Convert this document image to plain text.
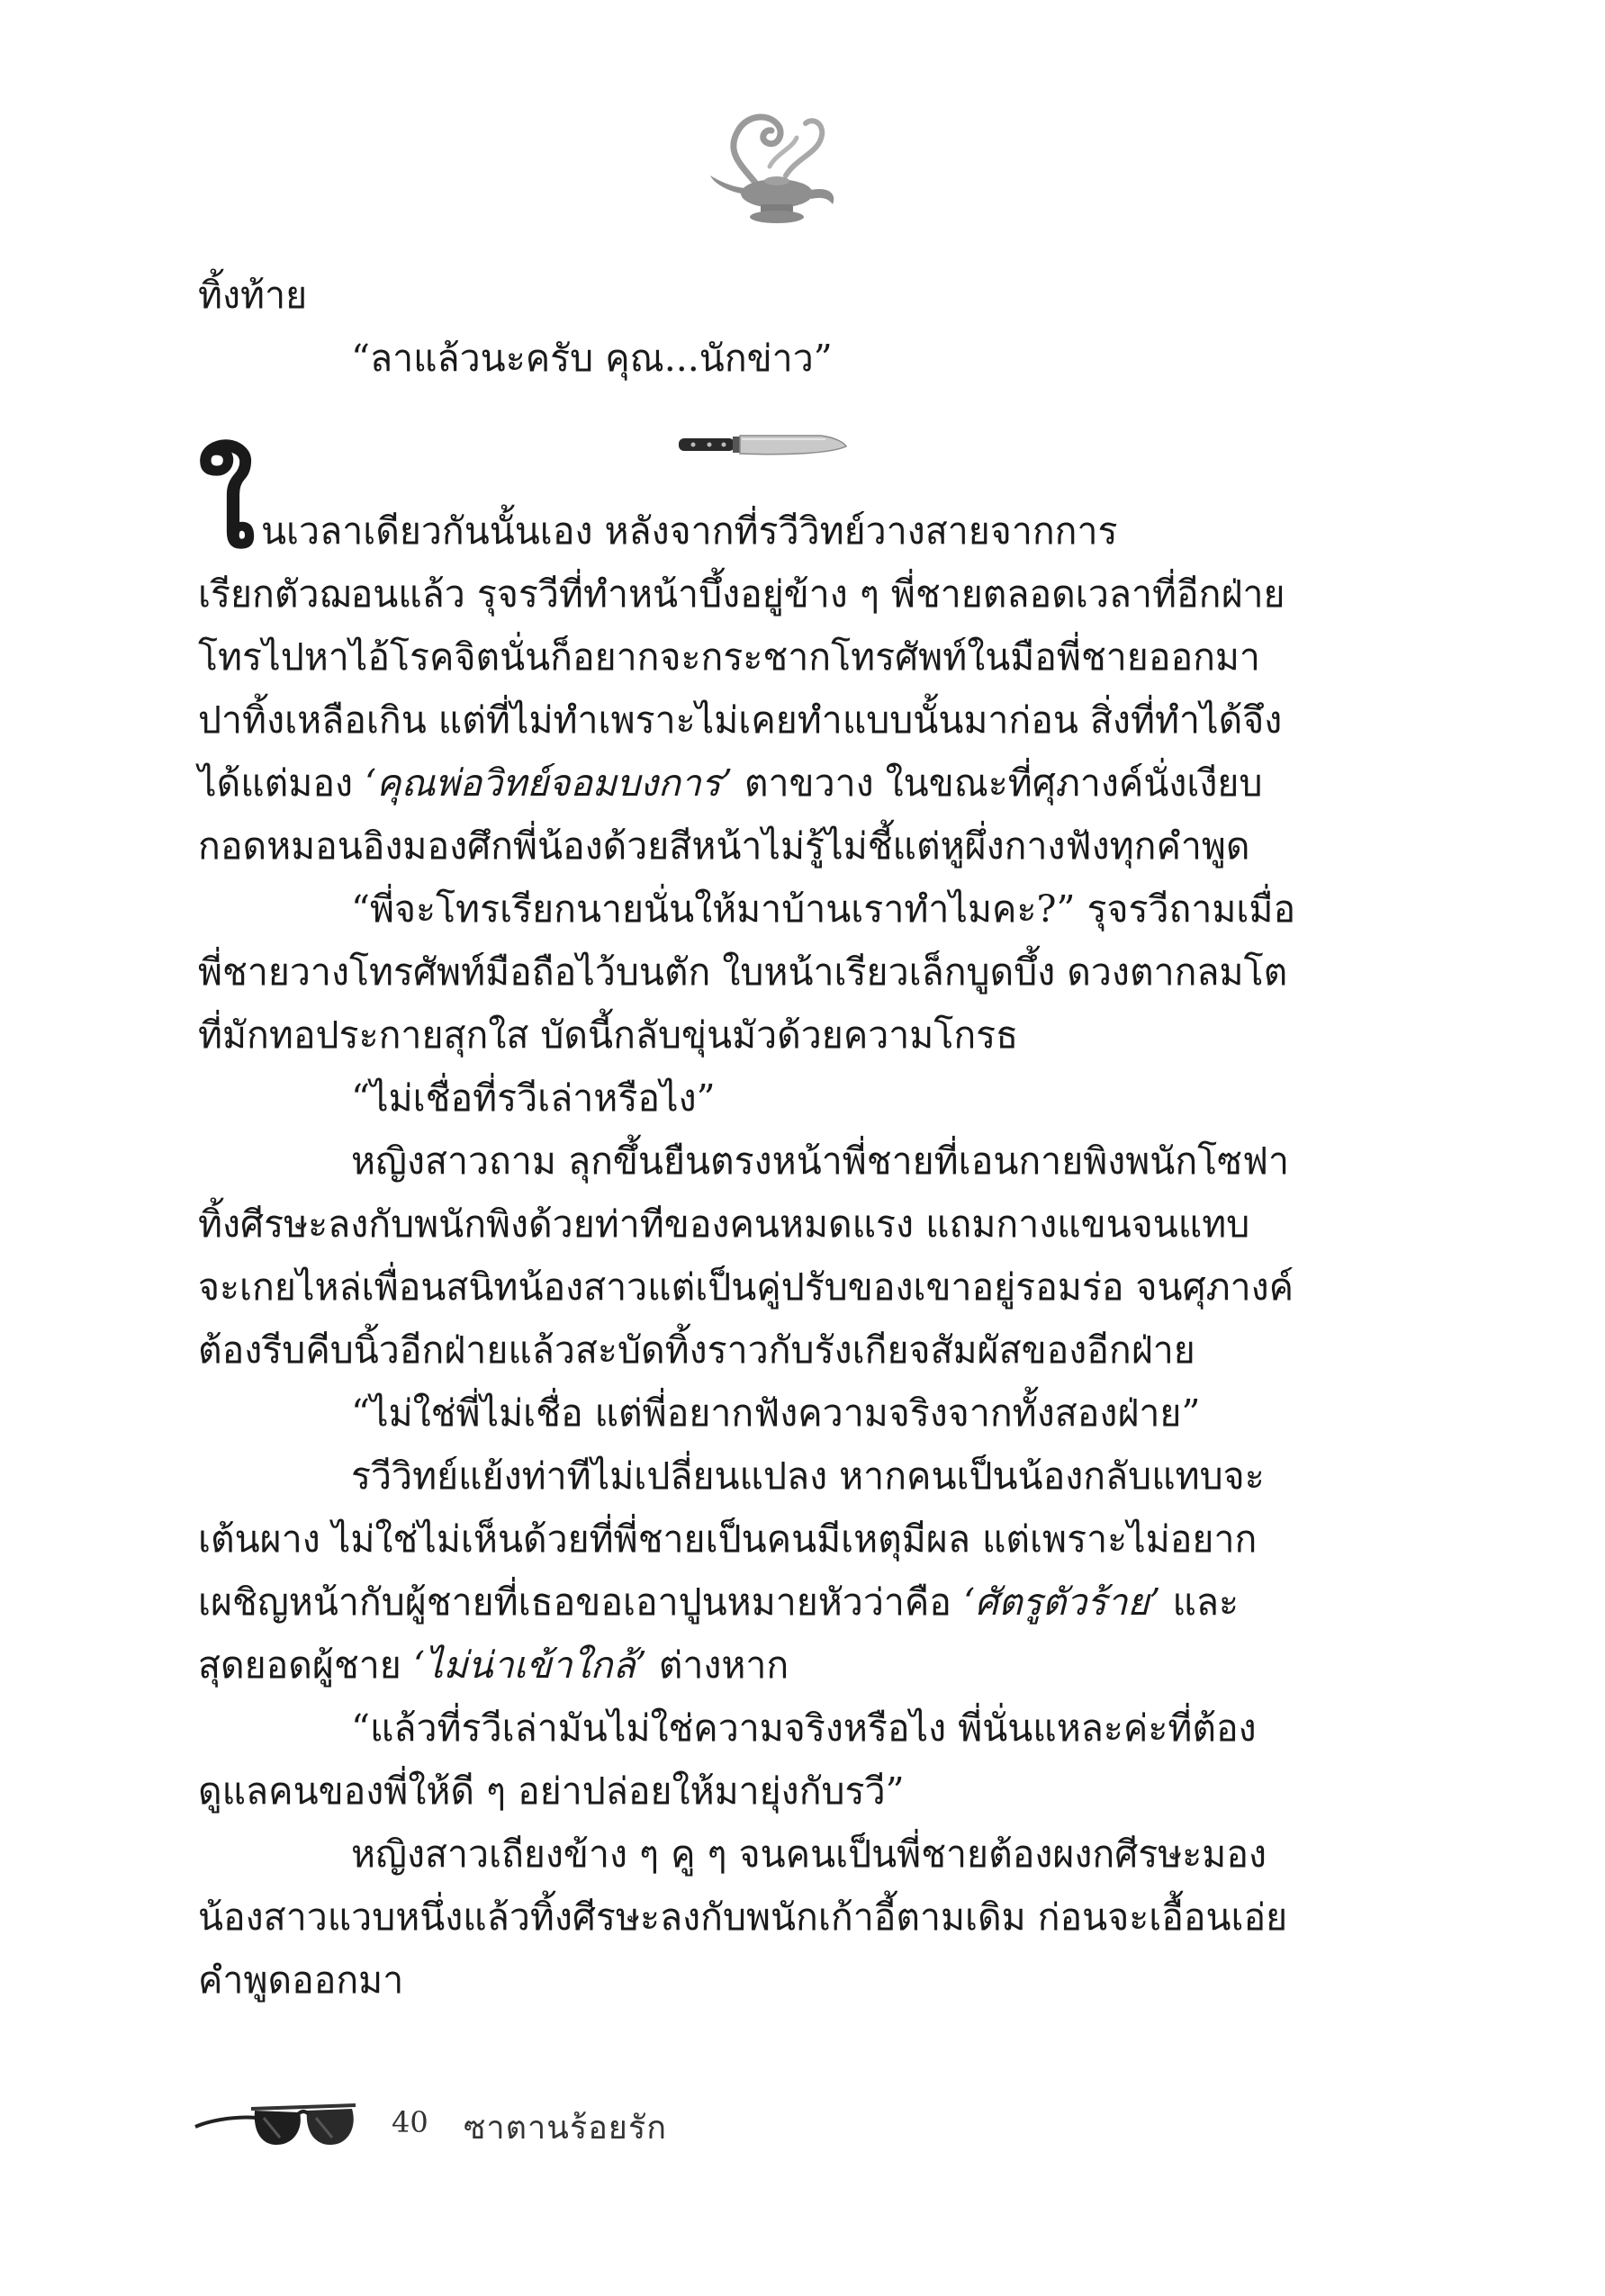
ทิ้งท้าย
“ลาแล้วนะครับ คุณ...นักข่าว”
ใ นเวลาเดียวกันนั้นเอง หลังจากที่รวีวิทย์วางสายจากการ
เรียกตัวฌอนแล้ว รุจรวีที่ทำหน้าบึ้งอยู่ข้าง ๆ พี่ชายตลอดเวลาที่อีกฝ่าย
โทรไปหาไอ้โรคจิตนั่นก็อยากจะกระชากโทรศัพท์ในมือพี่ชายออกมา
ปาทิ้งเหลือเกิน แต่ที่ไม่ทำเพราะไม่เคยทำแบบนั้นมาก่อน สิ่งที่ทำได้จึง
ได้แต่มอง ‘คุณพ่อวิทย์จอมบงการ’ ตาขวาง ในขณะที่ศุภางค์นั่งเงียบ
กอดหมอนอิงมองศึกพี่น้องด้วยสีหน้าไม่รู้ไม่ชี้แต่หูผึ่งกางฟังทุกคำพูด
“พี่จะโทรเรียกนายนั่นให้มาบ้านเราทำไมคะ?” รุจรวีถามเมื่อ
พี่ชายวางโทรศัพท์มือถือไว้บนตัก ใบหน้าเรียวเล็กบูดบึ้ง ดวงตากลมโต
ที่มักทอประกายสุกใส บัดนี้กลับขุ่นมัวด้วยความโกรธ
“ไม่เชื่อที่รวีเล่าหรือไง”
หญิงสาวถาม ลุกขึ้นยืนตรงหน้าพี่ชายที่เอนกายพิงพนักโซฟา
ทิ้งศีรษะลงกับพนักพิงด้วยท่าทีของคนหมดแรง แถมกางแขนจนแทบ
จะเกยไหล่เพื่อนสนิทน้องสาวแต่เป็นคู่ปรับของเขาอยู่รอมร่อ จนศุภางค์
ต้องรีบคีบนิ้วอีกฝ่ายแล้วสะบัดทิ้งราวกับรังเกียจสัมผัสของอีกฝ่าย
“ไม่ใช่พี่ไม่เชื่อ แต่พี่อยากฟังความจริงจากทั้งสองฝ่าย”
รวีวิทย์แย้งท่าทีไม่เปลี่ยนแปลง หากคนเป็นน้องกลับแทบจะ
เต้นผาง ไม่ใช่ไม่เห็นด้วยที่พี่ชายเป็นคนมีเหตุมีผล แต่เพราะไม่อยาก
เผชิญหน้ากับผู้ชายที่เธอขอเอาปูนหมายหัวว่าคือ ‘ศัตรูตัวร้าย’ และ
สุดยอดผู้ชาย ‘ไม่น่าเข้าใกล้’ ต่างหาก
“แล้วที่รวีเล่ามันไม่ใช่ความจริงหรือไง พี่นั่นแหละค่ะที่ต้อง
ดูแลคนของพี่ให้ดี ๆ อย่าปล่อยให้มายุ่งกับรวี”
หญิงสาวเถียงข้าง ๆ คู ๆ จนคนเป็นพี่ชายต้องผงกศีรษะมอง
น้องสาวแวบหนึ่งแล้วทิ้งศีรษะลงกับพนักเก้าอี้ตามเดิม ก่อนจะเอื้อนเอ่ย
คำพูดออกมา
40 ซาตานร้อยรัก
